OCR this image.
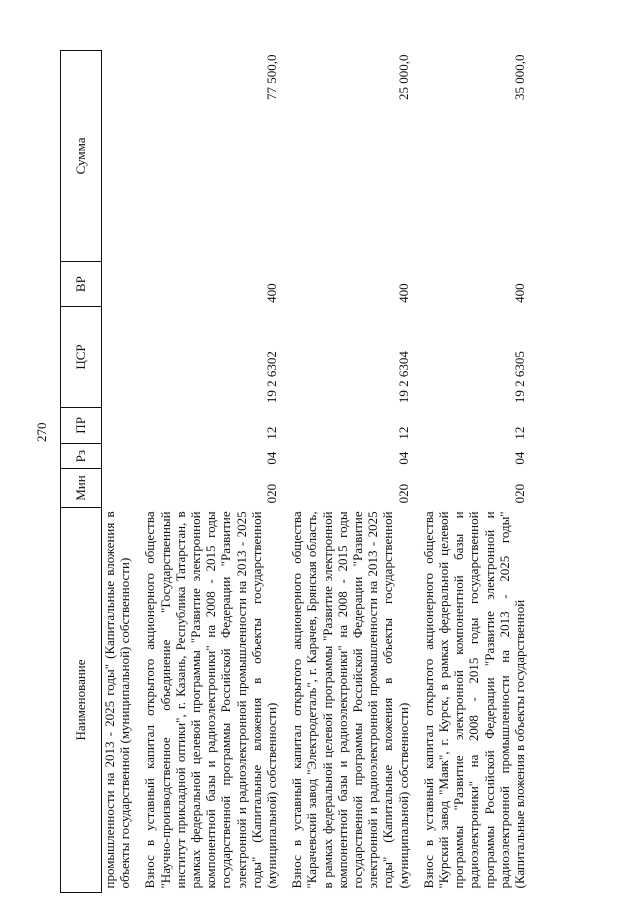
270
Наименование	Мин	Рз	ПР	ЦСР	ВР	Сумма
промышленности на 2013 - 2025 годы" (Капитальные вложения в объекты государственной (муниципальной) собственности)						
Взнос в уставный капитал открытого акционерного общества "Научно-производственное объединение "Государственный институт прикладной оптики", г. Казань, Республика Татарстан, в рамках федеральной целевой программы "Развитие электронной компонентной базы и радиоэлектроники" на 2008 - 2015 годы государственной программы Российской Федерации "Развитие электронной и радиоэлектронной промышленности на 2013 - 2025 годы" (Капитальные вложения в объекты государственной (муниципальной) собственности)	020	04	12	19 2 6302	400	77 500,0
Взнос в уставный капитал открытого акционерного общества "Карачевский завод "Электродеталь", г. Карачев, Брянская область, в рамках федеральной целевой программы "Развитие электронной компонентной базы и радиоэлектроники" на 2008 - 2015 годы государственной программы Российской Федерации "Развитие электронной и радиоэлектронной промышленности на 2013 - 2025 годы" (Капитальные вложения в объекты государственной (муниципальной) собственности)	020	04	12	19 2 6304	400	25 000,0
Взнос в уставный капитал открытого акционерного общества "Курский завод "Маяк", г. Курск, в рамках федеральной целевой программы "Развитие электронной компонентной базы и радиоэлектроники" на 2008 - 2015 годы государственной программы Российской Федерации "Развитие электронной и радиоэлектронной промышленности на 2013 - 2025 годы" (Капитальные вложения в объекты государственной	020	04	12	19 2 6305	400	35 000,0
